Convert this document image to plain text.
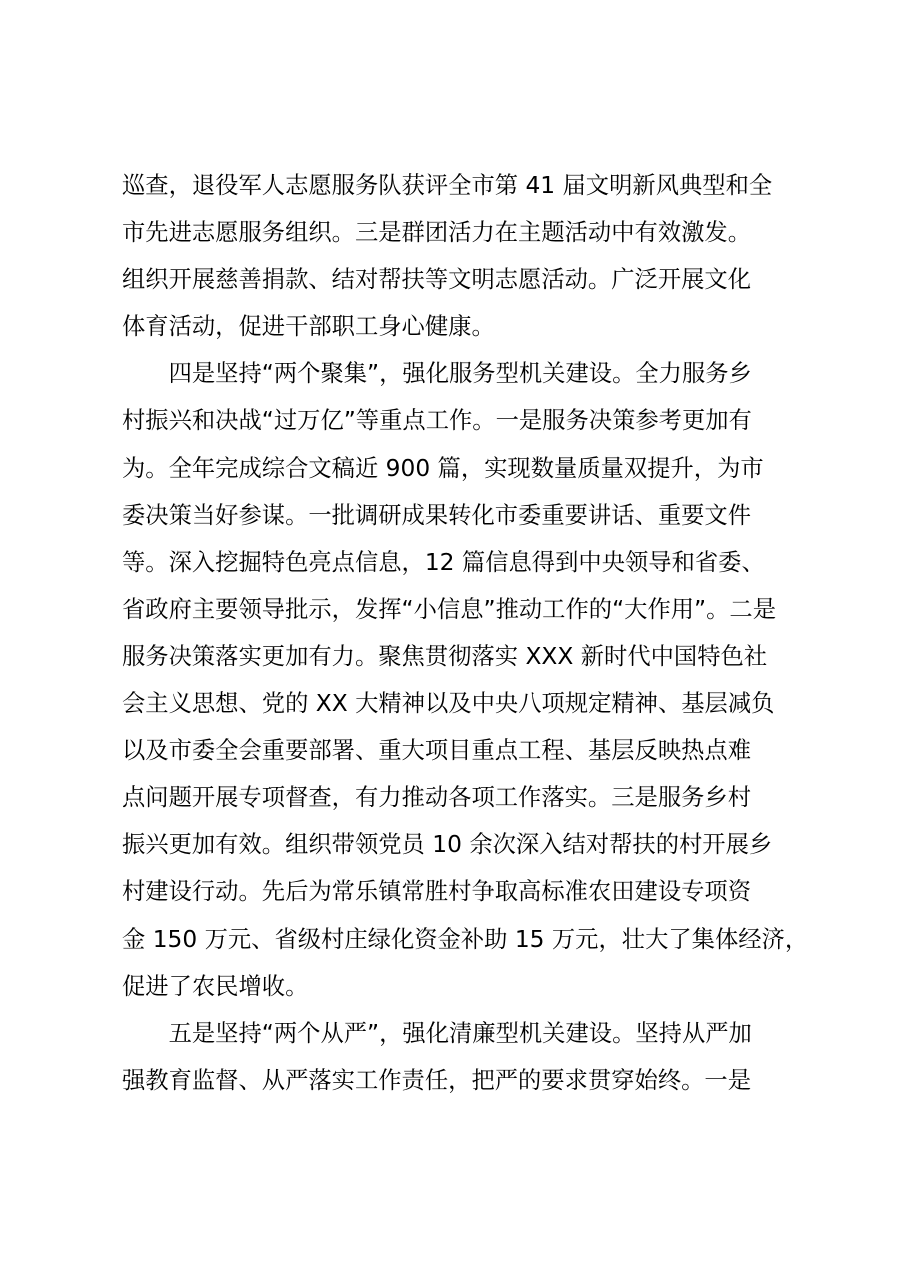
巡查，退役军人志愿服务队获评全市第 41 届文明新风典型和全
市先进志愿服务组织。三是群团活力在主题活动中有效激发。
组织开展慈善捐款、结对帮扶等文明志愿活动。广泛开展文化
体育活动，促进干部职工身心健康。
　　四是坚持“两个聚集”，强化服务型机关建设。全力服务乡
村振兴和决战“过万亿”等重点工作。一是服务决策参考更加有
为。全年完成综合文稿近 900 篇，实现数量质量双提升，为市
委决策当好参谋。一批调研成果转化市委重要讲话、重要文件
等。深入挖掘特色亮点信息，12 篇信息得到中央领导和省委、
省政府主要领导批示，发挥“小信息”推动工作的“大作用”。二是
服务决策落实更加有力。聚焦贯彻落实 XXX 新时代中国特色社
会主义思想、党的 XX 大精神以及中央八项规定精神、基层减负
以及市委全会重要部署、重大项目重点工程、基层反映热点难
点问题开展专项督查，有力推动各项工作落实。三是服务乡村
振兴更加有效。组织带领党员 10 余次深入结对帮扶的村开展乡
村建设行动。先后为常乐镇常胜村争取高标准农田建设专项资
金 150 万元、省级村庄绿化资金补助 15 万元，壮大了集体经济，
促进了农民增收。
　　五是坚持“两个从严”，强化清廉型机关建设。坚持从严加
强教育监督、从严落实工作责任，把严的要求贯穿始终。一是
